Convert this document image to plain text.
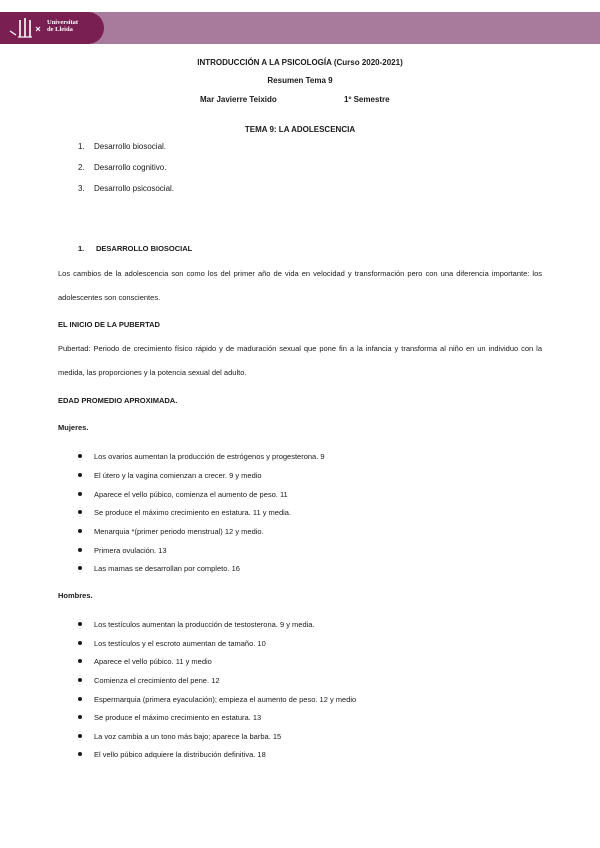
Universitat
de Lleida
INTRODUCCIÓN A LA PSICOLOGÍA (Curso 2020-2021)
Resumen Tema 9
Mar Javierre Teixido	1º Semestre
TEMA 9: LA ADOLESCENCIA
1. Desarrollo biosocial.
2. Desarrollo cognitivo.
3. Desarrollo psicosocial.
1. DESARROLLO BIOSOCIAL
Los cambios de la adolescencia son como los del primer año de vida en velocidad y transformación pero con una diferencia importante: los adolescentes son conscientes.
EL INICIO DE LA PUBERTAD
Pubertad: Periodo de crecimiento físico rápido y de maduración sexual que pone fin a la infancia y transforma al niño en un individuo con la medida, las proporciones y la potencia sexual del adulto.
EDAD PROMEDIO APROXIMADA.
Mujeres.
Los ovarios aumentan la producción de estrógenos y progesterona. 9
El útero y la vagina comienzan a crecer. 9 y medio
Aparece el vello púbico, comienza el aumento de peso. 11
Se produce el máximo crecimiento en estatura. 11 y media.
Menarquia *(primer periodo menstrual) 12 y medio.
Primera ovulación. 13
Las mamas se desarrollan por completo. 16
Hombres.
Los testículos aumentan la producción de testosterona. 9 y media.
Los testículos y el escroto aumentan de tamaño. 10
Aparece el vello púbico. 11 y medio
Comienza el crecimiento del pene. 12
Espermarquia (primera eyaculación); empieza el aumento de peso. 12 y medio
Se produce el máximo crecimiento en estatura. 13
La voz cambia a un tono más bajo; aparece la barba. 15
El vello púbico adquiere la distribución definitiva. 18
